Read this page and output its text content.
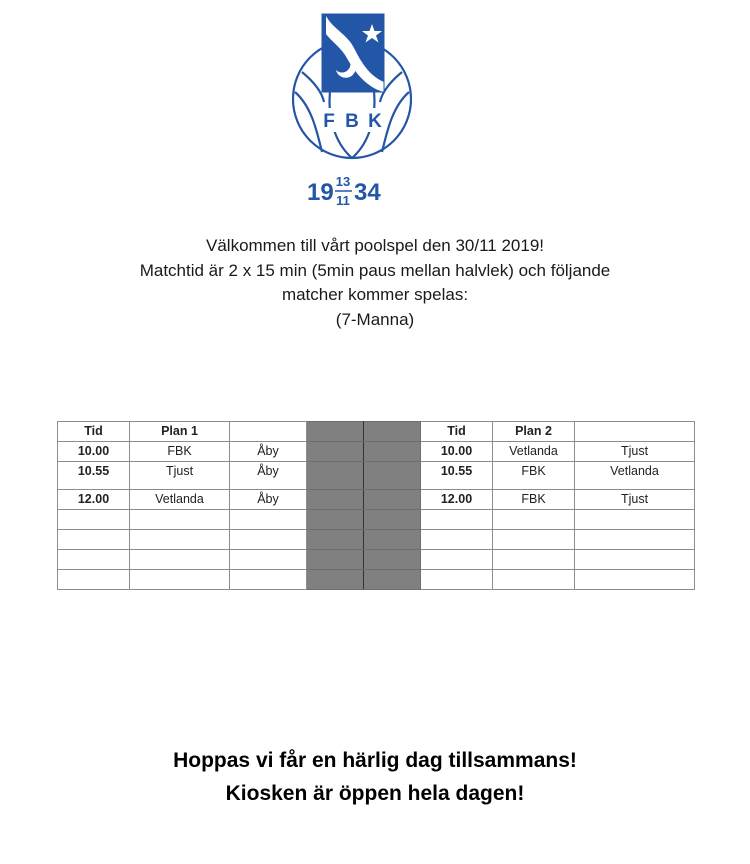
F B K
19 13
11 34
Välkommen till vårt poolspel den 30/11 2019!
Matchtid är 2 x 15 min (5min paus mellan halvlek) och följande
matcher kommer spelas:
(7-Manna)
Tid	Plan 1				Tid	Plan 2	
10.00	FBK	Åby			10.00	Vetlanda	Tjust
10.55	Tjust	Åby			10.55	FBK	Vetlanda
12.00	Vetlanda	Åby			12.00	FBK	Tjust

Hoppas vi får en härlig dag tillsammans!
Kiosken är öppen hela dagen!
